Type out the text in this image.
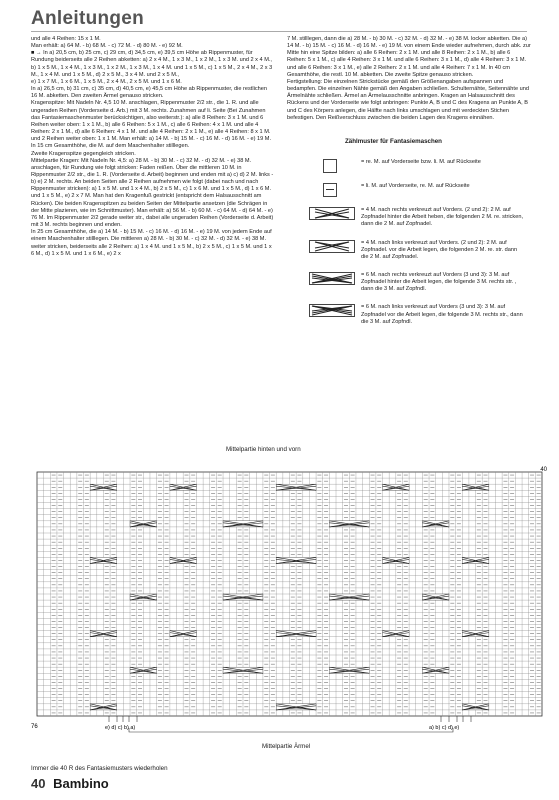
Anleitungen

und alle 4 Reihen: 15 x 1 M.

Man erhält: a) 64 M. - b) 68 M. - c) 72 M. - d) 80 M. - e) 92 M.

■ → In a) 20,5 cm, b) 25 cm, c) 29 cm, d) 34,5 cm, e) 39,5 cm Höhe ab Rippenmuster, für Rundung beiderseits alle 2 Reihen abketten: a) 2 x 4 M., 1 x 3 M., 1 x 2 M., 1 x 3 M. und 2 x 4 M., b) 1 x 5 M., 1 x 4 M., 1 x 3 M., 1 x 2 M., 1 x 3 M., 1 x 4 M. und 1 x 5 M., c) 1 x 5 M., 2 x 4 M., 2 x 3 M., 1 x 4 M. und 1 x 5 M., d) 2 x 5 M., 3 x 4 M. und 2 x 5 M.,

e) 1 x 7 M., 1 x 6 M., 1 x 5 M., 2 x 4 M., 2 x 5 M. und 1 x 6 M.

In a) 26,5 cm, b) 31 cm, c) 35 cm, d) 40,5 cm, e) 45,5 cm Höhe ab Rippenmuster, die restlichen 16 M. abketten. Den zweiten Ärmel genauso stricken.

Kragenspitze: Mit Nadeln Nr. 4,5 10 M. anschlagen, Rippenmuster 2/2 str., die 1. R. und alle ungeraden Reihen (Vorderseite d. Arb.) mit 3 M. rechts. Zunahmen auf li. Seite (Bei Zunahmen das Fantasiemaschenmuster berücksichtigen, also weiterstr.): a) alle 8 Reihen: 3 x 1 M. und 6 Reihen weiter oben: 1 x 1 M., b) alle 6 Reihen: 5 x 1 M., c) alle 6 Reihen: 4 x 1 M. und alle 4 Reihen: 2 x 1 M., d) alle 6 Reihen: 4 x 1 M. und alle 4 Reihen: 2 x 1 M., e) alle 4 Reihen: 8 x 1 M. und 2 Reihen weiter oben: 1 x 1 M. Man erhält: a) 14 M. - b) 15 M. - c) 16 M. - d) 16 M. - e) 19 M. In 15 cm Gesamthöhe, die M. auf dem Maschenhalter stilllegen.

Zweite Kragenspitze gegengleich stricken.

Mittelpartie Kragen: Mit Nadeln Nr. 4,5: a) 28 M. - b) 30 M. - c) 32 M. - d) 32 M. - e) 38 M. anschlagen, für Rundung wie folgt stricken: Faden reißen. Über die mittleren 10 M. in Rippenmuster 2/2 str., die 1. R. (Vorderseite d. Arbeit) beginnen und enden mit a) c) d) 2 M. links - b) e) 2 M. rechts. An beiden Seiten alle 2 Reihen aufnehmen wie folgt (dabei nach und nach Rippenmuster stricken): a) 1 x 5 M. und 1 x 4 M., b) 2 x 5 M., c) 1 x 6 M. und 1 x 5 M., d) 1 x 6 M. und 1 x 5 M., e) 2 x 7 M. Man hat den Kragenfuß gestrickt (entspricht dem Halsausschnitt am Rücken). Die beiden Kragenspitzen zu beiden Seiten der Mittelpartie ansetzen (die Schrägen in der Mitte plazieren, wie im Schnittmuster). Man erhält: a) 56 M. - b) 60 M. - c) 64 M. - d) 64 M. - e) 76 M. Im Rippenmuster 2/2 gerade weiter str., dabei alle ungeraden Reihen (Vorderseite d. Arbeit) mit 3 M. rechts beginnen und enden.

In 25 cm Gesamthöhe, die a) 14 M. - b) 15 M. - c) 16 M. - d) 16 M. - e) 19 M. von jedem Ende auf einem Maschenhalter stilllegen. Die mittleren a) 28 M. - b) 30 M. - c) 32 M. - d) 32 M. - e) 38 M. weiter stricken, beiderseits alle 2 Reihen: a) 1 x 4 M. und 1 x 5 M., b) 2 x 5 M., c) 1 x 5 M. und 1 x 6 M., d) 1 x 5 M. und 1 x 6 M., e) 2 x

7 M. stilllegen, dann die a) 28 M. - b) 30 M. - c) 32 M. - d) 32 M. - e) 38 M. locker abketten. Die a) 14 M. - b) 15 M. - c) 16 M. - d) 16 M. - e) 19 M. von einem Ende wieder aufnehmen, durch abk. zur Mitte hin eine Spitze bilden: a) alle 6 Reihen: 2 x 1 M. und alle 8 Reihen: 2 x 1 M., b) alle 6 Reihen: 5 x 1 M., c) alle 4 Reihen: 3 x 1 M. und alle 6 Reihen: 3 x 1 M., d) alle 4 Reihen: 3 x 1 M. und alle 6 Reihen: 3 x 1 M., e) alle 2 Reihen: 2 x 1 M. und alle 4 Reihen: 7 x 1 M. In 40 cm Gesamthöhe, die restl. 10 M. abketten. Die zweite Spitze genauso stricken.

Fertigstellung: Die einzelnen Strickstücke gemäß den Größenangaben aufspannen und bedampfen. Die einzelnen Nähte gemäß den Angaben schließen. Schulternähte, Seitennähte und Ärmelnähte schließen. Ärmel an Ärmelausschnitte anbringen. Kragen an Halsausschnitt des Rückens und der Vorderseite wie folgt anbringen: Punkte A, B und C des Kragens an Punkte A, B und C des Körpers anlegen, die Hälfte nach links umschlagen und mit verdeckten Stichen befestigen. Den Reißverschluss zwischen die beiden Lagen des Kragens einnähen.

Zählmuster für Fantasiemaschen
= re. M. auf Vorderseite bzw. li. M. auf Rückseite
= li. M. auf Vorderseite, re. M. auf Rückseite
= 4 M. nach rechts verkreuzt auf Vorders. (2 und 2): 2 M. auf Zopfnadel hinter die Arbeit heben, die folgenden 2 M. re. stricken, dann die 2 M. auf Zopfnadel.
= 4 M. nach links verkreuzt auf Vorders. (2 und 2): 2 M. auf Zopfnadel. vor die Arbeit legen, die folgenden 2 M. re. str. dann die 2 M. auf Zopfnadel.
= 6 M. nach rechts verkreuzt auf Vorders (3 und 3): 3 M. auf Zopfnadel hinter die Arbeit legen, die folgende 3 M. rechts str. , dann die 3 M. auf Zopfndl.
= 6 M. nach links verkreuzt auf Vorders (3 und 3): 3 M. auf Zopfnadel vor die Arbeit legen, die folgende 3 M. rechts str., dann die 3 M. auf Zopfndl.
Mittelpartie hinten und vorn
40
76	e) d) c) b) a)	a) b) c) d) e)
Mittelpartie Ärmel
Immer die 40 R des Fantasiemusters wiederholen
40 Bambino
